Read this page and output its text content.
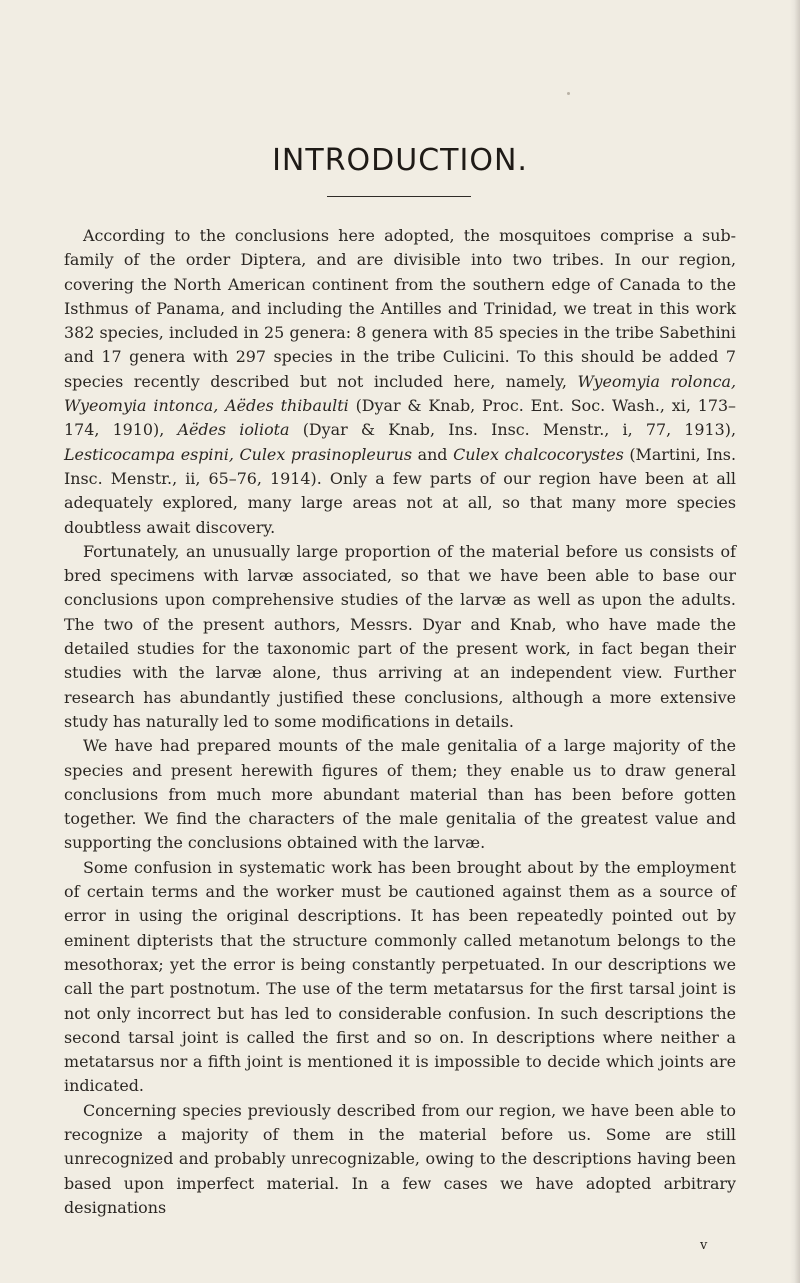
INTRODUCTION.

According to the conclusions here adopted, the mosquitoes comprise a sub-family of the order Diptera, and are divisible into two tribes. In our region, covering the North American continent from the southern edge of Canada to the Isthmus of Panama, and including the Antilles and Trinidad, we treat in this work 382 species, included in 25 genera: 8 genera with 85 species in the tribe Sabethini and 17 genera with 297 species in the tribe Culicini. To this should be added 7 species recently described but not included here, namely, Wyeomyia rolonca, Wyeomyia intonca, Aëdes thibaulti (Dyar & Knab, Proc. Ent. Soc. Wash., xi, 173–174, 1910), Aëdes ioliota (Dyar & Knab, Ins. Insc. Menstr., i, 77, 1913), Lesticocampa espini, Culex prasinopleurus and Culex chalcocorystes (Martini, Ins. Insc. Menstr., ii, 65–76, 1914). Only a few parts of our region have been at all adequately explored, many large areas not at all, so that many more species doubtless await discovery.

Fortunately, an unusually large proportion of the material before us consists of bred specimens with larvæ associated, so that we have been able to base our conclusions upon comprehensive studies of the larvæ as well as upon the adults. The two of the present authors, Messrs. Dyar and Knab, who have made the detailed studies for the taxonomic part of the present work, in fact began their studies with the larvæ alone, thus arriving at an independent view. Further research has abundantly justified these conclusions, although a more extensive study has naturally led to some modifications in details.

We have had prepared mounts of the male genitalia of a large majority of the species and present herewith figures of them; they enable us to draw general conclusions from much more abundant material than has been before gotten together. We find the characters of the male genitalia of the greatest value and supporting the conclusions obtained with the larvæ.

Some confusion in systematic work has been brought about by the employment of certain terms and the worker must be cautioned against them as a source of error in using the original descriptions. It has been repeatedly pointed out by eminent dipterists that the structure commonly called metanotum belongs to the mesothorax; yet the error is being constantly perpetuated. In our descriptions we call the part postnotum. The use of the term metatarsus for the first tarsal joint is not only incorrect but has led to considerable confusion. In such descriptions the second tarsal joint is called the first and so on. In descriptions where neither a metatarsus nor a fifth joint is mentioned it is impossible to decide which joints are indicated.

Concerning species previously described from our region, we have been able to recognize a majority of them in the material before us. Some are still unrecognized and probably unrecognizable, owing to the descriptions having been based upon imperfect material. In a few cases we have adopted arbitrary designations

v
